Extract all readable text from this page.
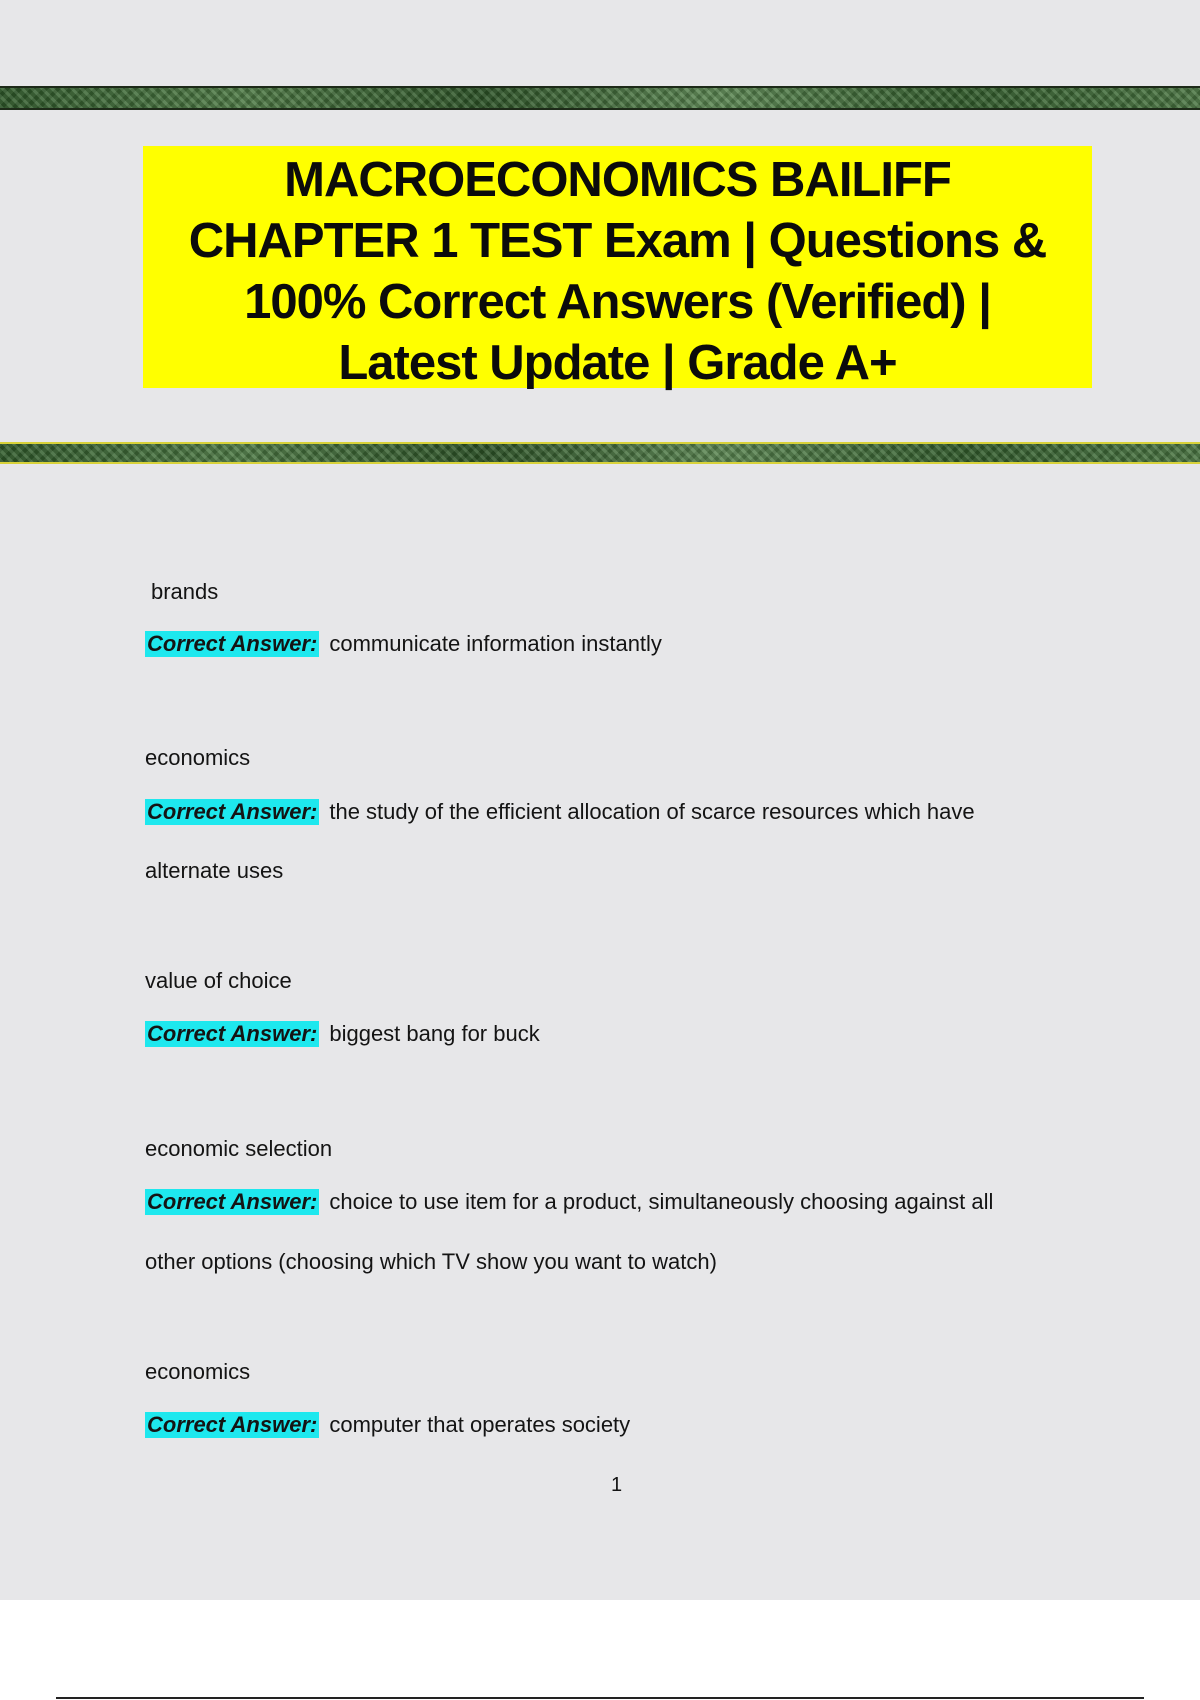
MACROECONOMICS BAILIFF
CHAPTER 1 TEST Exam | Questions &
100% Correct Answers (Verified) |
Latest Update | Grade A+

brands
Correct Answer: communicate information instantly
economics
Correct Answer: the study of the efficient allocation of scarce resources which have
alternate uses
value of choice
Correct Answer: biggest bang for buck
economic selection
Correct Answer: choice to use item for a product, simultaneously choosing against all
other options (choosing which TV show you want to watch)
economics
Correct Answer: computer that operates society
1
